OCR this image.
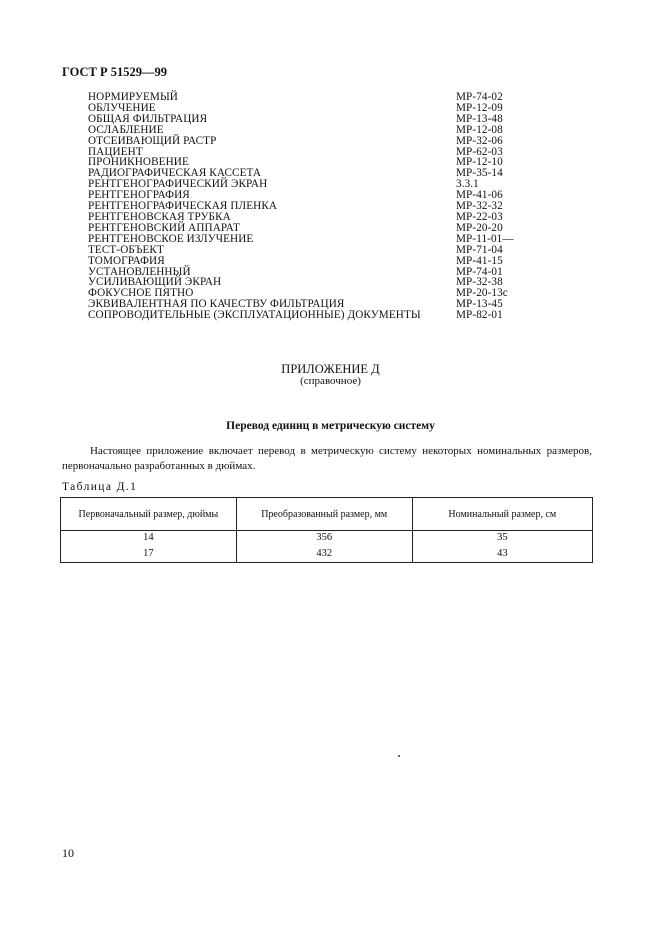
ГОСТ Р 51529—99
НОРМИРУЕМЫЙ	MP-74-02
ОБЛУЧЕНИЕ	MP-12-09
ОБЩАЯ ФИЛЬТРАЦИЯ	MP-13-48
ОСЛАБЛЕНИЕ	MP-12-08
ОТСЕИВАЮЩИЙ РАСТР	MP-32-06
ПАЦИЕНТ	MP-62-03
ПРОНИКНОВЕНИЕ	MP-12-10
РАДИОГРАФИЧЕСКАЯ КАССЕТА	MP-35-14
РЕНТГЕНОГРАФИЧЕСКИЙ ЭКРАН	3.3.1
РЕНТГЕНОГРАФИЯ	MP-41-06
РЕНТГЕНОГРАФИЧЕСКАЯ ПЛЕНКА	MP-32-32
РЕНТГЕНОВСКАЯ ТРУБКА	MP-22-03
РЕНТГЕНОВСКИЙ АППАРАТ	MP-20-20
РЕНТГЕНОВСКОЕ ИЗЛУЧЕНИЕ	MP-11-01—
ТЕСТ-ОБЪЕКТ	MP-71-04
ТОМОГРАФИЯ	MP-41-15
УСТАНОВЛЕННЫЙ	MP-74-01
УСИЛИВАЮЩИЙ ЭКРАН	MP-32-38
ФОКУСНОЕ ПЯТНО	MP-20-13c
ЭКВИВАЛЕНТНАЯ ПО КАЧЕСТВУ ФИЛЬТРАЦИЯ	MP-13-45
СОПРОВОДИТЕЛЬНЫЕ (ЭКСПЛУАТАЦИОННЫЕ) ДОКУМЕНТЫ	MP-82-01
ПРИЛОЖЕНИЕ Д
(справочное)
Перевод единиц в метрическую систему
Настоящее приложение включает перевод в метрическую систему некоторых номинальных размеров, первоначально разработанных в дюймах.
Таблица Д.1
Первоначальный размер, дюймы	Преобразованный размер, мм	Номинальный размер, см
14	356	35
17	432	43
10
